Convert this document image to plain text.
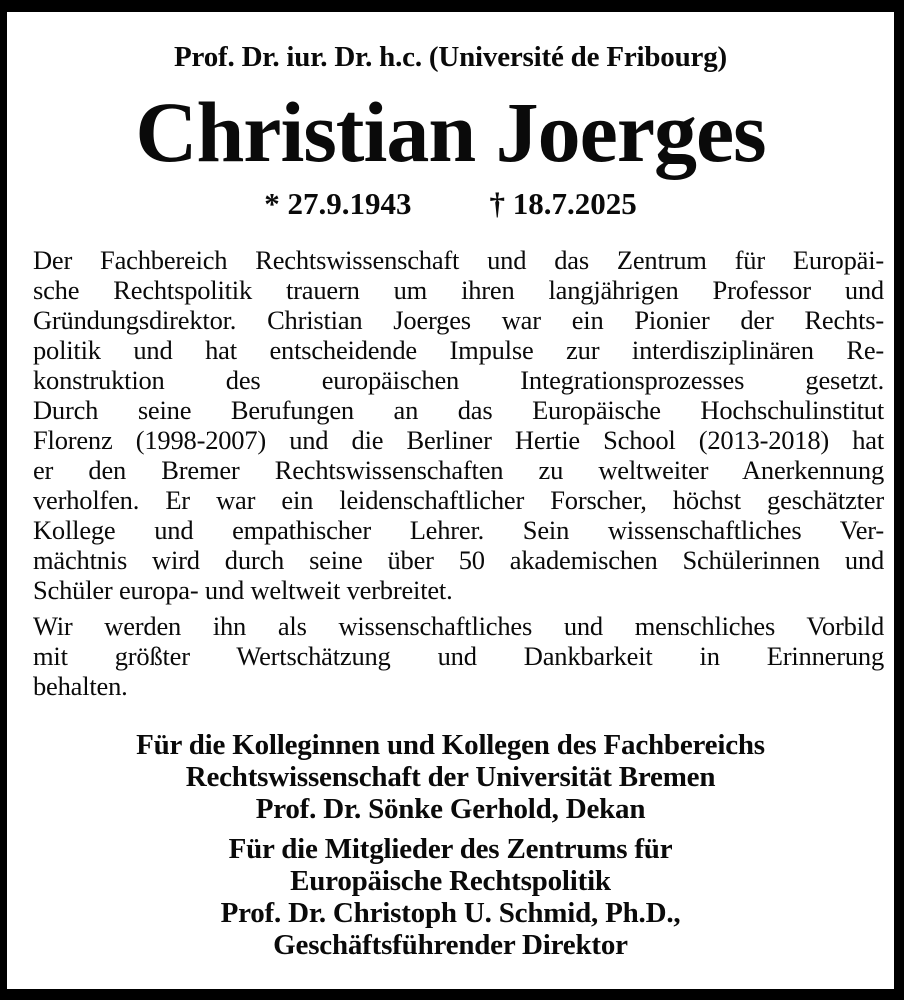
Prof. Dr. iur. Dr. h.c. (Université de Fribourg)
Christian Joerges
* 27.9.1943	† 18.7.2025
Der Fachbereich Rechtswissenschaft und das Zentrum für Europäi-
sche Rechtspolitik trauern um ihren langjährigen Professor und
Gründungsdirektor. Christian Joerges war ein Pionier der Rechts-
politik und hat entscheidende Impulse zur interdisziplinären Re-
konstruktion des europäischen Integrationsprozesses gesetzt.
Durch seine Berufungen an das Europäische Hochschulinstitut
Florenz (1998-2007) und die Berliner Hertie School (2013-2018) hat
er den Bremer Rechtswissenschaften zu weltweiter Anerkennung
verholfen. Er war ein leidenschaftlicher Forscher, höchst geschätzter
Kollege und empathischer Lehrer. Sein wissenschaftliches Ver-
mächtnis wird durch seine über 50 akademischen Schülerinnen und
Schüler europa- und weltweit verbreitet.
Wir werden ihn als wissenschaftliches und menschliches Vorbild
mit größter Wertschätzung und Dankbarkeit in Erinnerung
behalten.
Für die Kolleginnen und Kollegen des Fachbereichs
Rechtswissenschaft der Universität Bremen
Prof. Dr. Sönke Gerhold, Dekan
Für die Mitglieder des Zentrums für
Europäische Rechtspolitik
Prof. Dr. Christoph U. Schmid, Ph.D.,
Geschäftsführender Direktor
